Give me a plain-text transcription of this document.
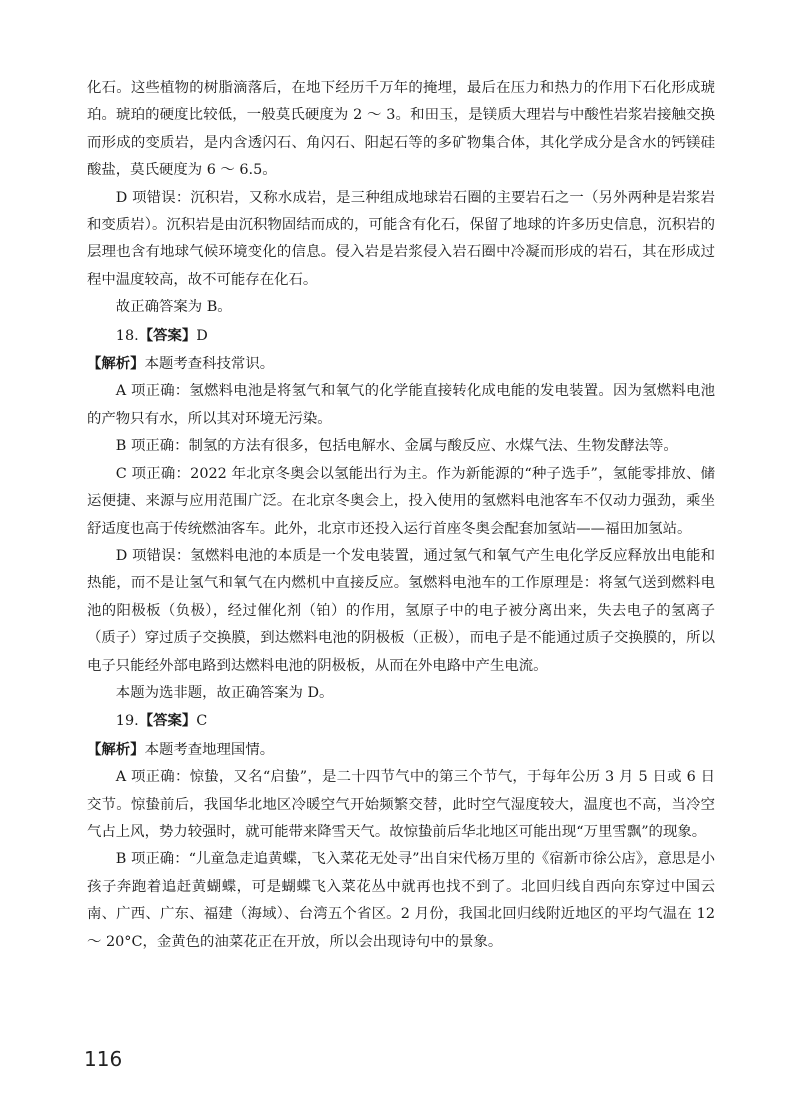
化石。这些植物的树脂滴落后，在地下经历千万年的掩埋，最后在压力和热力的作用下石化形成琥珀。琥珀的硬度比较低，一般莫氏硬度为 2 ～ 3。和田玉，是镁质大理岩与中酸性岩浆岩接触交换而形成的变质岩，是内含透闪石、角闪石、阳起石等的多矿物集合体，其化学成分是含水的钙镁硅酸盐，莫氏硬度为 6 ～ 6.5。

D 项错误：沉积岩，又称水成岩，是三种组成地球岩石圈的主要岩石之一（另外两种是岩浆岩和变质岩）。沉积岩是由沉积物固结而成的，可能含有化石，保留了地球的许多历史信息，沉积岩的层理也含有地球气候环境变化的信息。侵入岩是岩浆侵入岩石圈中冷凝而形成的岩石，其在形成过程中温度较高，故不可能存在化石。

故正确答案为 B。

18.【答案】D

【解析】本题考查科技常识。

A 项正确：氢燃料电池是将氢气和氧气的化学能直接转化成电能的发电装置。因为氢燃料电池的产物只有水，所以其对环境无污染。

B 项正确：制氢的方法有很多，包括电解水、金属与酸反应、水煤气法、生物发酵法等。

C 项正确：2022 年北京冬奥会以氢能出行为主。作为新能源的“种子选手”，氢能零排放、储运便捷、来源与应用范围广泛。在北京冬奥会上，投入使用的氢燃料电池客车不仅动力强劲，乘坐舒适度也高于传统燃油客车。此外，北京市还投入运行首座冬奥会配套加氢站——福田加氢站。

D 项错误：氢燃料电池的本质是一个发电装置，通过氢气和氧气产生电化学反应释放出电能和热能，而不是让氢气和氧气在内燃机中直接反应。氢燃料电池车的工作原理是：将氢气送到燃料电池的阳极板（负极），经过催化剂（铂）的作用，氢原子中的电子被分离出来，失去电子的氢离子（质子）穿过质子交换膜，到达燃料电池的阴极板（正极），而电子是不能通过质子交换膜的，所以电子只能经外部电路到达燃料电池的阴极板，从而在外电路中产生电流。

本题为选非题，故正确答案为 D。

19.【答案】C

【解析】本题考查地理国情。

A 项正确：惊蛰，又名“启蛰”，是二十四节气中的第三个节气，于每年公历 3 月 5 日或 6 日交节。惊蛰前后，我国华北地区冷暖空气开始频繁交替，此时空气湿度较大，温度也不高，当冷空气占上风，势力较强时，就可能带来降雪天气。故惊蛰前后华北地区可能出现“万里雪飘”的现象。

B 项正确：“儿童急走追黄蝶，飞入菜花无处寻”出自宋代杨万里的《宿新市徐公店》，意思是小孩子奔跑着追赶黄蝴蝶，可是蝴蝶飞入菜花丛中就再也找不到了。北回归线自西向东穿过中国云南、广西、广东、福建（海域）、台湾五个省区。2 月份，我国北回归线附近地区的平均气温在 12 ～ 20°C，金黄色的油菜花正在开放，所以会出现诗句中的景象。

116
